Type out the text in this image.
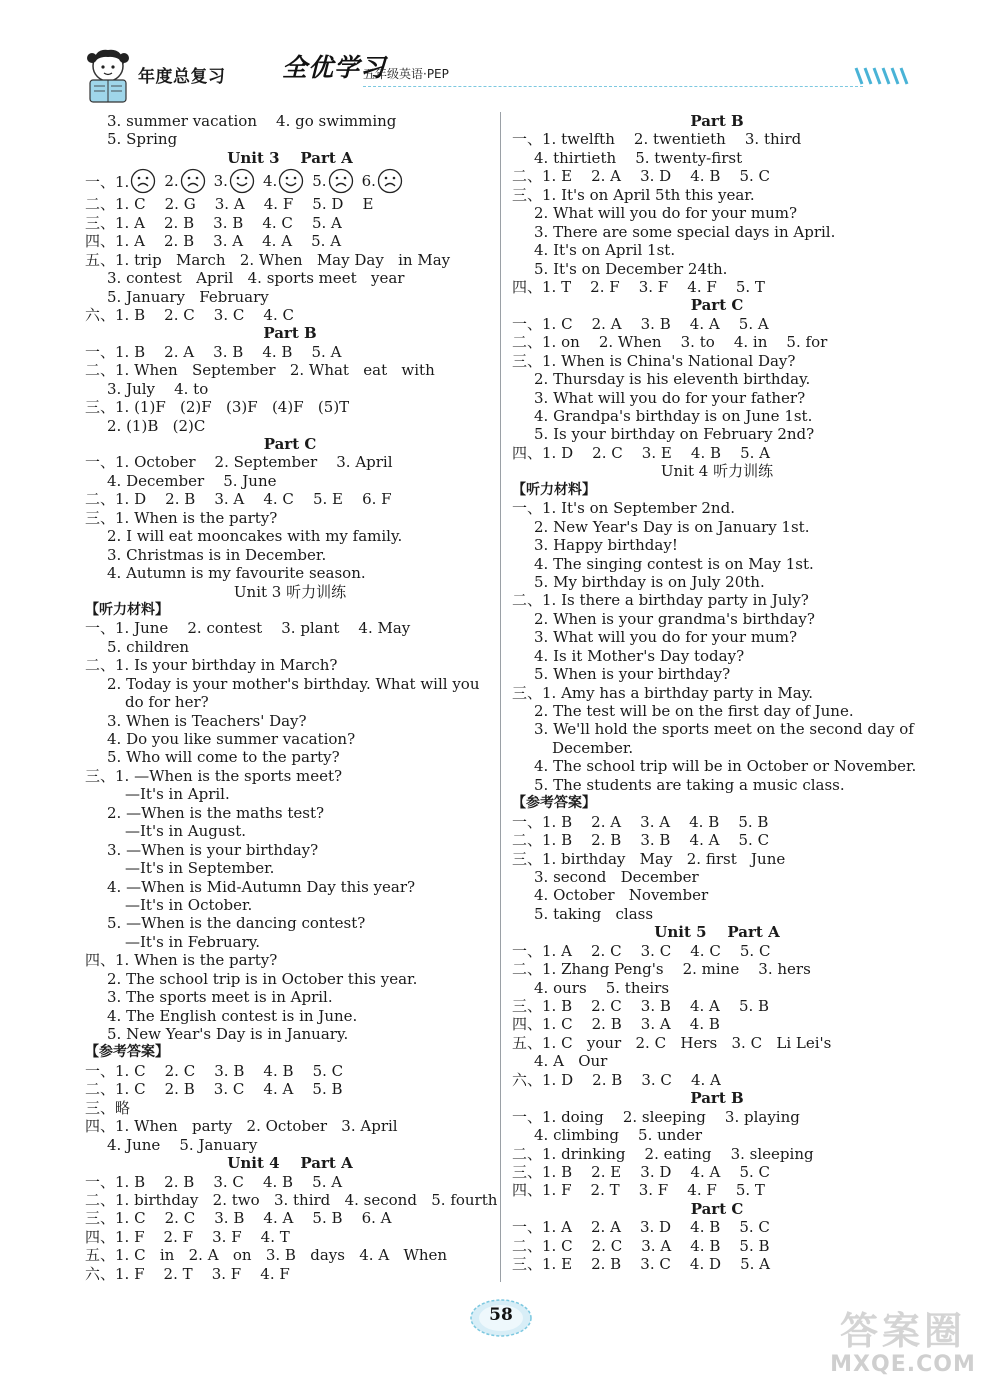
年度总复习 全优学习
五年级英语·PEP
3. summer vacation    4. go swimming
5. Spring
Unit 3    Part A
一、1. 2. 3. 4. 5. 6.
二、1. C    2. G    3. A    4. F    5. D    E
三、1. A    2. B    3. B    4. C    5. A
四、1. A    2. B    3. A    4. A    5. A
五、1. trip   March   2. When   May Day   in May
3. contest   April   4. sports meet   year
5. January   February
六、1. B    2. C    3. C    4. C
Part B
一、1. B    2. A    3. B    4. B    5. A
二、1. When   September   2. What   eat   with
3. July    4. to
三、1. (1)F   (2)F   (3)F   (4)F   (5)T
2. (1)B   (2)C
Part C
一、1. October    2. September    3. April
4. December    5. June
二、1. D    2. B    3. A    4. C    5. E    6. F
三、1. When is the party?
2. I will eat mooncakes with my family.
3. Christmas is in December.
4. Autumn is my favourite season.
Unit 3 听力训练
【听力材料】
一、1. June    2. contest    3. plant    4. May
5. children
二、1. Is your birthday in March?
2. Today is your mother's birthday. What will you
do for her?
3. When is Teachers' Day?
4. Do you like summer vacation?
5. Who will come to the party?
三、1. —When is the sports meet?
—It's in April.
2. —When is the maths test?
—It's in August.
3. —When is your birthday?
—It's in September.
4. —When is Mid-Autumn Day this year?
—It's in October.
5. —When is the dancing contest?
—It's in February.
四、1. When is the party?
2. The school trip is in October this year.
3. The sports meet is in April.
4. The English contest is in June.
5. New Year's Day is in January.
【参考答案】
一、1. C    2. C    3. B    4. B    5. C
二、1. C    2. B    3. C    4. A    5. B
三、略
四、1. When   party   2. October   3. April
4. June    5. January
Unit 4    Part A
一、1. B    2. B    3. C    4. B    5. A
二、1. birthday   2. two   3. third   4. second   5. fourth
三、1. C    2. C    3. B    4. A    5. B    6. A
四、1. F    2. F    3. F    4. T
五、1. C   in   2. A   on   3. B   days   4. A   When
六、1. F    2. T    3. F    4. F
Part B
一、1. twelfth    2. twentieth    3. third
4. thirtieth    5. twenty-first
二、1. E    2. A    3. D    4. B    5. C
三、1. It's on April 5th this year.
2. What will you do for your mum?
3. There are some special days in April.
4. It's on April 1st.
5. It's on December 24th.
四、1. T    2. F    3. F    4. F    5. T
Part C
一、1. C    2. A    3. B    4. A    5. A
二、1. on    2. When    3. to    4. in    5. for
三、1. When is China's National Day?
2. Thursday is his eleventh birthday.
3. What will you do for your father?
4. Grandpa's birthday is on June 1st.
5. Is your birthday on February 2nd?
四、1. D    2. C    3. E    4. B    5. A
Unit 4 听力训练
【听力材料】
一、1. It's on September 2nd.
2. New Year's Day is on January 1st.
3. Happy birthday!
4. The singing contest is on May 1st.
5. My birthday is on July 20th.
二、1. Is there a birthday party in July?
2. When is your grandma's birthday?
3. What will you do for your mum?
4. Is it Mother's Day today?
5. When is your birthday?
三、1. Amy has a birthday party in May.
2. The test will be on the first day of June.
3. We'll hold the sports meet on the second day of
December.
4. The school trip will be in October or November.
5. The students are taking a music class.
【参考答案】
一、1. B    2. A    3. A    4. B    5. B
二、1. B    2. B    3. B    4. A    5. C
三、1. birthday   May   2. first   June
3. second   December
4. October   November
5. taking   class
Unit 5    Part A
一、1. A    2. C    3. C    4. C    5. C
二、1. Zhang Peng's    2. mine    3. hers
4. ours    5. theirs
三、1. B    2. C    3. B    4. A    5. B
四、1. C    2. B    3. A    4. B
五、1. C   your   2. C   Hers   3. C   Li Lei's
4. A   Our
六、1. D    2. B    3. C    4. A
Part B
一、1. doing    2. sleeping    3. playing
4. climbing    5. under
二、1. drinking    2. eating    3. sleeping
三、1. B    2. E    3. D    4. A    5. C
四、1. F    2. T    3. F    4. F    5. T
Part C
一、1. A    2. A    3. D    4. B    5. C
二、1. C    2. C    3. A    4. B    5. B
三、1. E    2. B    3. C    4. D    5. A
58	答案圈
MXQE.COM
